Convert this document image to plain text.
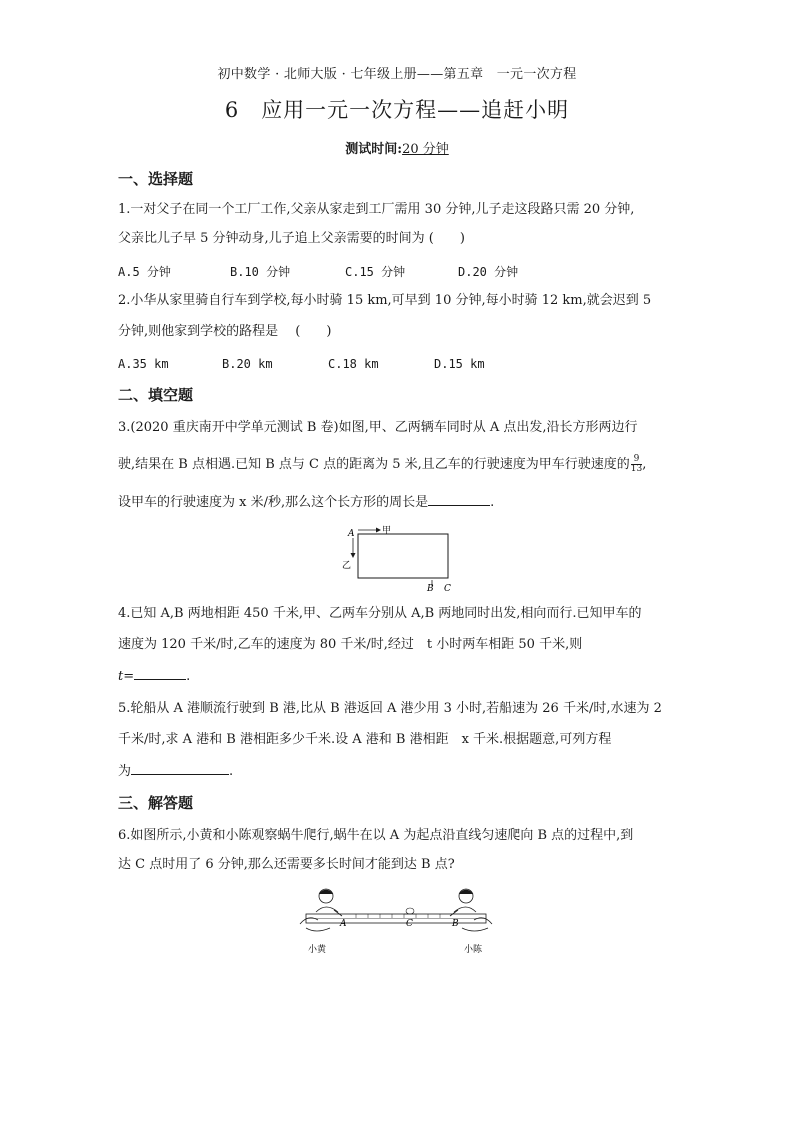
初中数学 · 北师大版 · 七年级上册——第五章　一元一次方程
6 应用一元一次方程——追赶小明
测试时间:20 分钟
一、选择题
1.一对父子在同一个工厂工作,父亲从家走到工厂需用 30 分钟,儿子走这段路只需 20 分钟,
父亲比儿子早 5 分钟动身,儿子追上父亲需要的时间为 (　　)
A.5 分钟	B.10 分钟	C.15 分钟	D.20 分钟
2.小华从家里骑自行车到学校,每小时骑 15 km,可早到 10 分钟,每小时骑 12 km,就会迟到 5
分钟,则他家到学校的路程是　 (　　)
A.35 km	B.20 km	C.18 km	D.15 km
二、填空题
3.(2020 重庆南开中学单元测试 B 卷)如图,甲、乙两辆车同时从 A 点出发,沿长方形两边行
驶,结果在 B 点相遇.已知 B 点与 C 点的距离为 5 米,且乙车的行驶速度为甲车行驶速度的 $\frac{9}{13}$ ,
设甲车的行驶速度为 x 米/秒,那么这个长方形的周长是	.
A	甲
乙
B C
4.已知 A,B 两地相距 450 千米,甲、乙两车分别从 A,B 两地同时出发,相向而行.已知甲车的
速度为 120 千米/时,乙车的速度为 80 千米/时,经过　t 小时两车相距 50 千米,则
t=	.
5.轮船从 A 港顺流行驶到 B 港,比从 B 港返回 A 港少用 3 小时,若船速为 26 千米/时,水速为 2
千米/时,求 A 港和 B 港相距多少千米.设 A 港和 B 港相距　x 千米.根据题意,可列方程
为	.
三、解答题
6.如图所示,小黄和小陈观察蜗牛爬行,蜗牛在以 A 为起点沿直线匀速爬向 B 点的过程中,到
达 C 点时用了 6 分钟,那么还需要多长时间才能到达 B 点?
A	C	B
小黄	小陈
